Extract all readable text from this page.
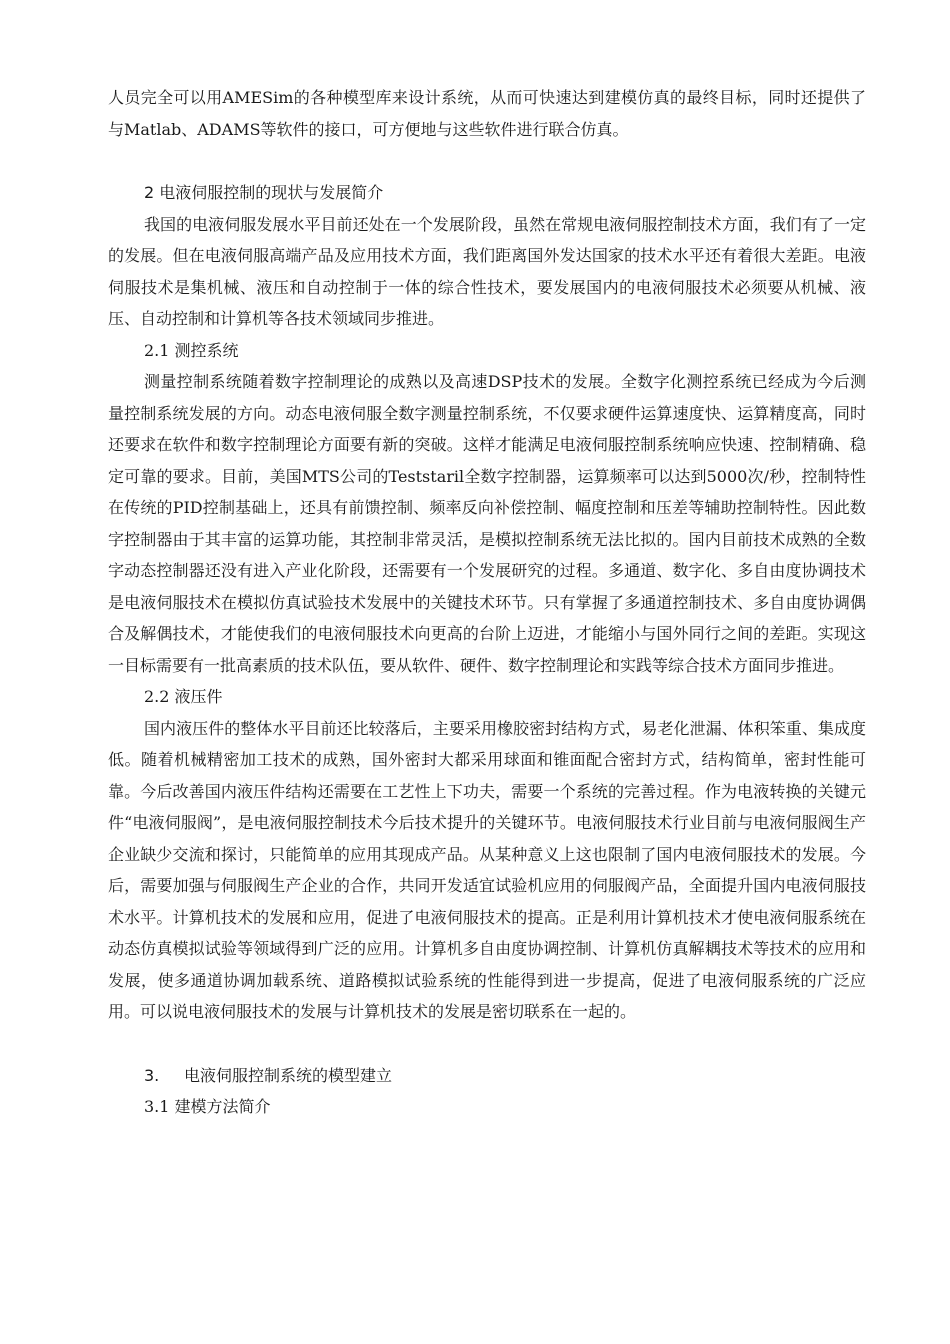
人员完全可以用AMESim的各种模型库来设计系统，从而可快速达到建模仿真的最终目标，同时还提供了与Matlab、ADAMS等软件的接口，可方便地与这些软件进行联合仿真。

2 电液伺服控制的现状与发展简介

我国的电液伺服发展水平目前还处在一个发展阶段，虽然在常规电液伺服控制技术方面，我们有了一定的发展。但在电液伺服高端产品及应用技术方面，我们距离国外发达国家的技术水平还有着很大差距。电液伺服技术是集机械、液压和自动控制于一体的综合性技术，要发展国内的电液伺服技术必须要从机械、液压、自动控制和计算机等各技术领域同步推进。

2.1 测控系统

测量控制系统随着数字控制理论的成熟以及高速DSP技术的发展。全数字化测控系统已经成为今后测量控制系统发展的方向。动态电液伺服全数字测量控制系统，不仅要求硬件运算速度快、运算精度高，同时还要求在软件和数字控制理论方面要有新的突破。这样才能满足电液伺服控制系统响应快速、控制精确、稳定可靠的要求。目前，美国MTS公司的Teststaril全数字控制器，运算频率可以达到5000次/秒，控制特性在传统的PID控制基础上，还具有前馈控制、频率反向补偿控制、幅度控制和压差等辅助控制特性。因此数字控制器由于其丰富的运算功能，其控制非常灵活，是模拟控制系统无法比拟的。国内目前技术成熟的全数字动态控制器还没有进入产业化阶段，还需要有一个发展研究的过程。多通道、数字化、多自由度协调技术是电液伺服技术在模拟仿真试验技术发展中的关键技术环节。只有掌握了多通道控制技术、多自由度协调偶合及解偶技术，才能使我们的电液伺服技术向更高的台阶上迈进，才能缩小与国外同行之间的差距。实现这一目标需要有一批高素质的技术队伍，要从软件、硬件、数字控制理论和实践等综合技术方面同步推进。

2.2 液压件

国内液压件的整体水平目前还比较落后，主要采用橡胶密封结构方式，易老化泄漏、体积笨重、集成度低。随着机械精密加工技术的成熟，国外密封大都采用球面和锥面配合密封方式，结构简单，密封性能可靠。今后改善国内液压件结构还需要在工艺性上下功夫，需要一个系统的完善过程。作为电液转换的关键元件“电液伺服阀”，是电液伺服控制技术今后技术提升的关键环节。电液伺服技术行业目前与电液伺服阀生产企业缺少交流和探讨，只能简单的应用其现成产品。从某种意义上这也限制了国内电液伺服技术的发展。今后，需要加强与伺服阀生产企业的合作，共同开发适宜试验机应用的伺服阀产品，全面提升国内电液伺服技术水平。计算机技术的发展和应用，促进了电液伺服技术的提高。正是利用计算机技术才使电液伺服系统在动态仿真模拟试验等领域得到广泛的应用。计算机多自由度协调控制、计算机仿真解耦技术等技术的应用和发展，使多通道协调加载系统、道路模拟试验系统的性能得到进一步提高，促进了电液伺服系统的广泛应用。可以说电液伺服技术的发展与计算机技术的发展是密切联系在一起的。

3. 电液伺服控制系统的模型建立

3.1 建模方法简介
